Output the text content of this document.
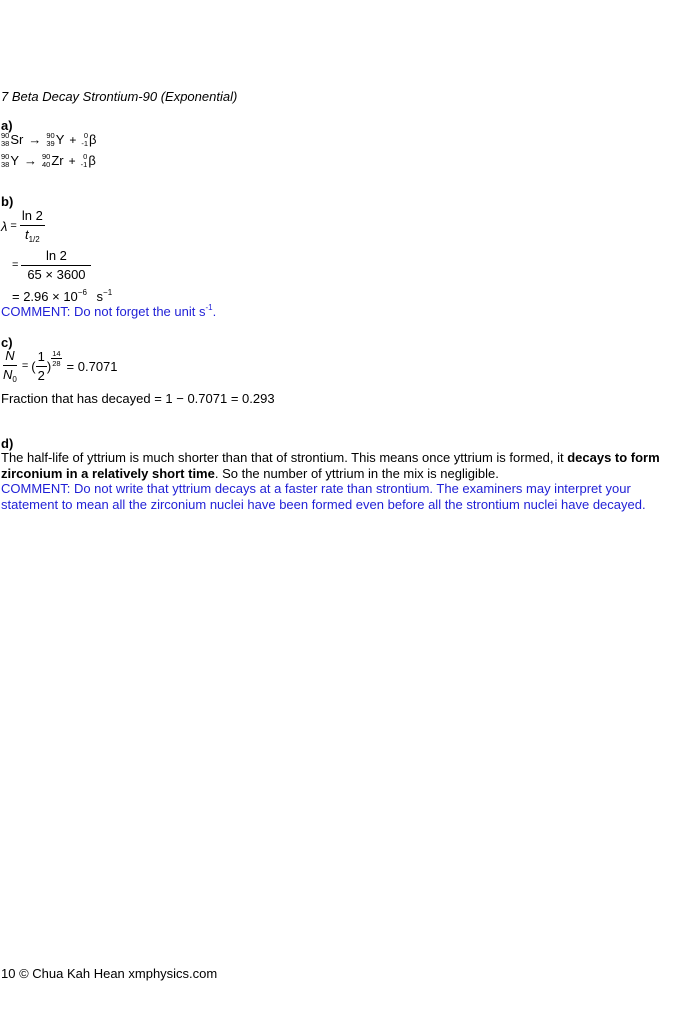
7 Beta Decay Strontium-90 (Exponential)
a)
90
38 Sr → 90
39 Y +	0
-1 β
90
38 Y → 90
40 Zr +	0
-1 β
b)
$\lambda = \frac{\ln 2}{t_{1/2}}$
= $\frac{\ln 2}{65 \times 3600}$
= $2.96 \times 10^{-6}$ $s^{-1}$
COMMENT: Do not forget the unit $s^{-1}$.
c)
$\frac{N}{N_0}$ = ( $\frac{1}{2}$ ) $\frac{14}{28} = 0.7071$
Fraction that has decayed = 1 − 0.7071 = 0.293
d)
The half-life of yttrium is much shorter than that of strontium. This means once yttrium is formed, it decays to form zirconium in a relatively short time. So the number of yttrium in the mix is negligible.
COMMENT: Do not write that yttrium decays at a faster rate than strontium. The examiners may interpret your statement to mean all the zirconium nuclei have been formed even before all the strontium nuclei have decayed.
10 © Chua Kah Hean xmphysics.com
